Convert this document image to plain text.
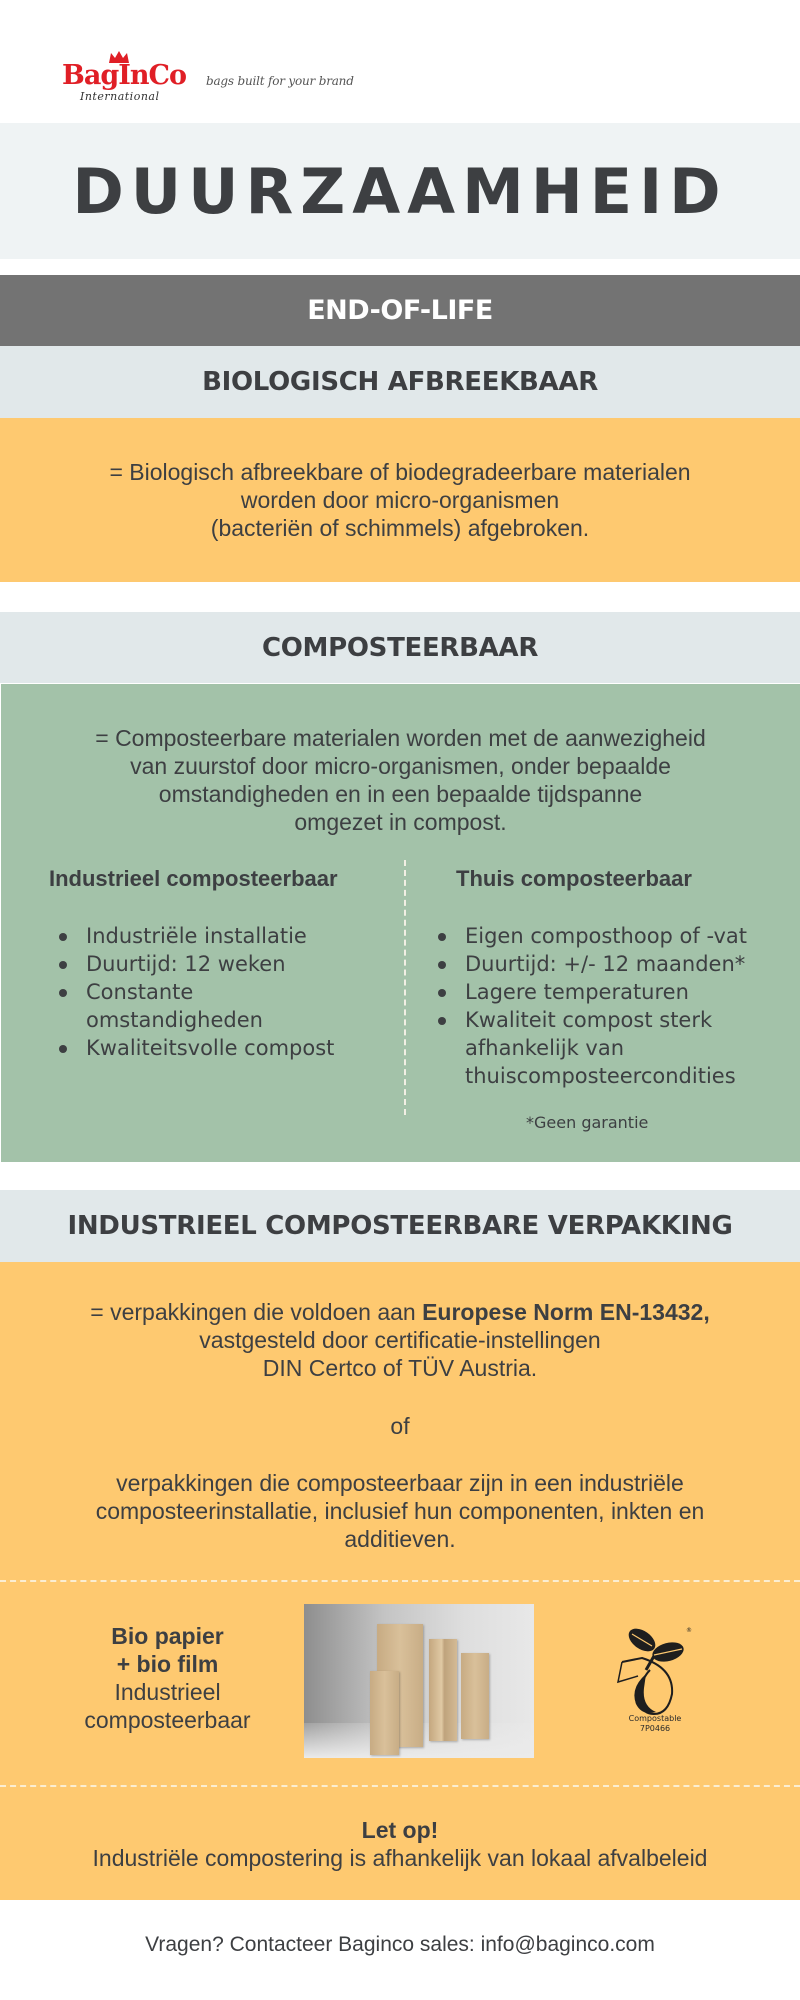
BagInCo
International
bags built for your brand
DUURZAAMHEID
END-OF-LIFE
BIOLOGISCH AFBREEKBAAR
= Biologisch afbreekbare of biodegradeerbare materialen
worden door micro-organismen
(bacteriën of schimmels) afgebroken.
COMPOSTEERBAAR
= Composteerbare materialen worden met de aanwezigheid
van zuurstof door micro-organismen, onder bepaalde
omstandigheden en in een bepaalde tijdspanne
omgezet in compost.
Industrieel composteerbaar
Industriële installatie
Duurtijd: 12 weken
Constante omstandigheden
Kwaliteitsvolle compost
Thuis composteerbaar
Eigen composthoop of -vat
Duurtijd: +/- 12 maanden*
Lagere temperaturen
Kwaliteit compost sterk afhankelijk van thuiscomposteercondities
*Geen garantie
INDUSTRIEEL COMPOSTEERBARE VERPAKKING
= verpakkingen die voldoen aan Europese Norm EN-13432,
vastgesteld door certificatie-instellingen
DIN Certco of TÜV Austria.
of
verpakkingen die composteerbaar zijn in een industriële
composteerinstallatie, inclusief hun componenten, inkten en
additieven.
Bio papier
+ bio film
Industrieel
composteerbaar
®
Compostable
7P0466
Let op!
Industriële compostering is afhankelijk van lokaal afvalbeleid
Vragen? Contacteer Baginco sales: info@baginco.com
